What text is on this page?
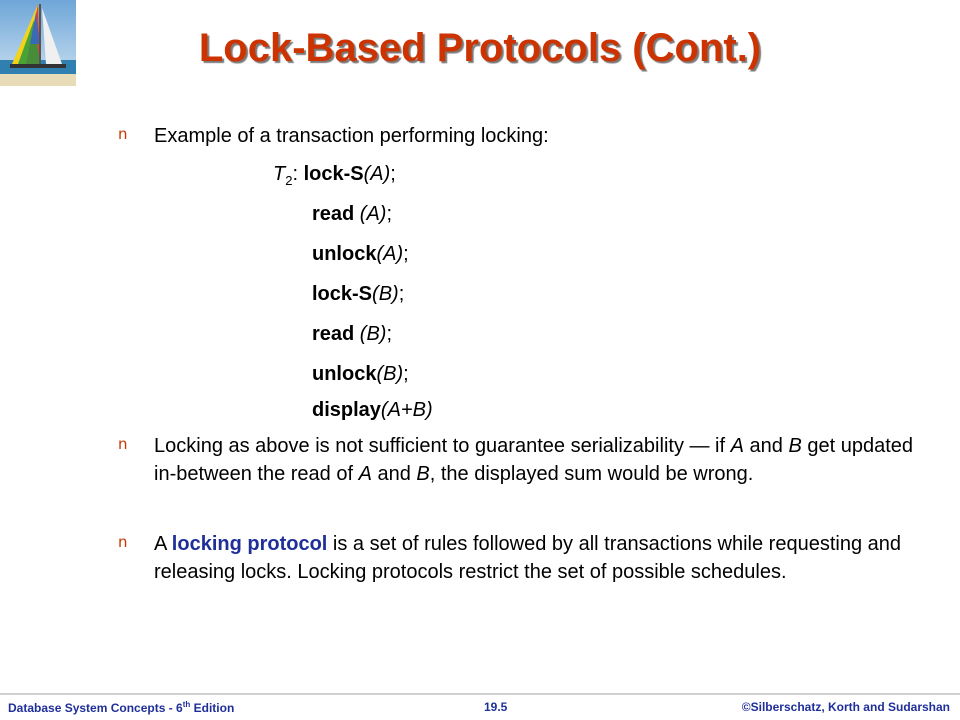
Lock-Based Protocols (Cont.)
n Example of a transaction performing locking:
$T_2$: lock-S(A);
read (A);
unlock(A);
lock-S(B);
read (B);
unlock(B);
display(A+B)
n Locking as above is not sufficient to guarantee serializability — if A and B get updated in-between the read of A and B, the displayed sum would be wrong.
n A locking protocol is a set of rules followed by all transactions while requesting and releasing locks. Locking protocols restrict the set of possible schedules.
Database System Concepts - 6th Edition	19.5	©Silberschatz, Korth and Sudarshan
